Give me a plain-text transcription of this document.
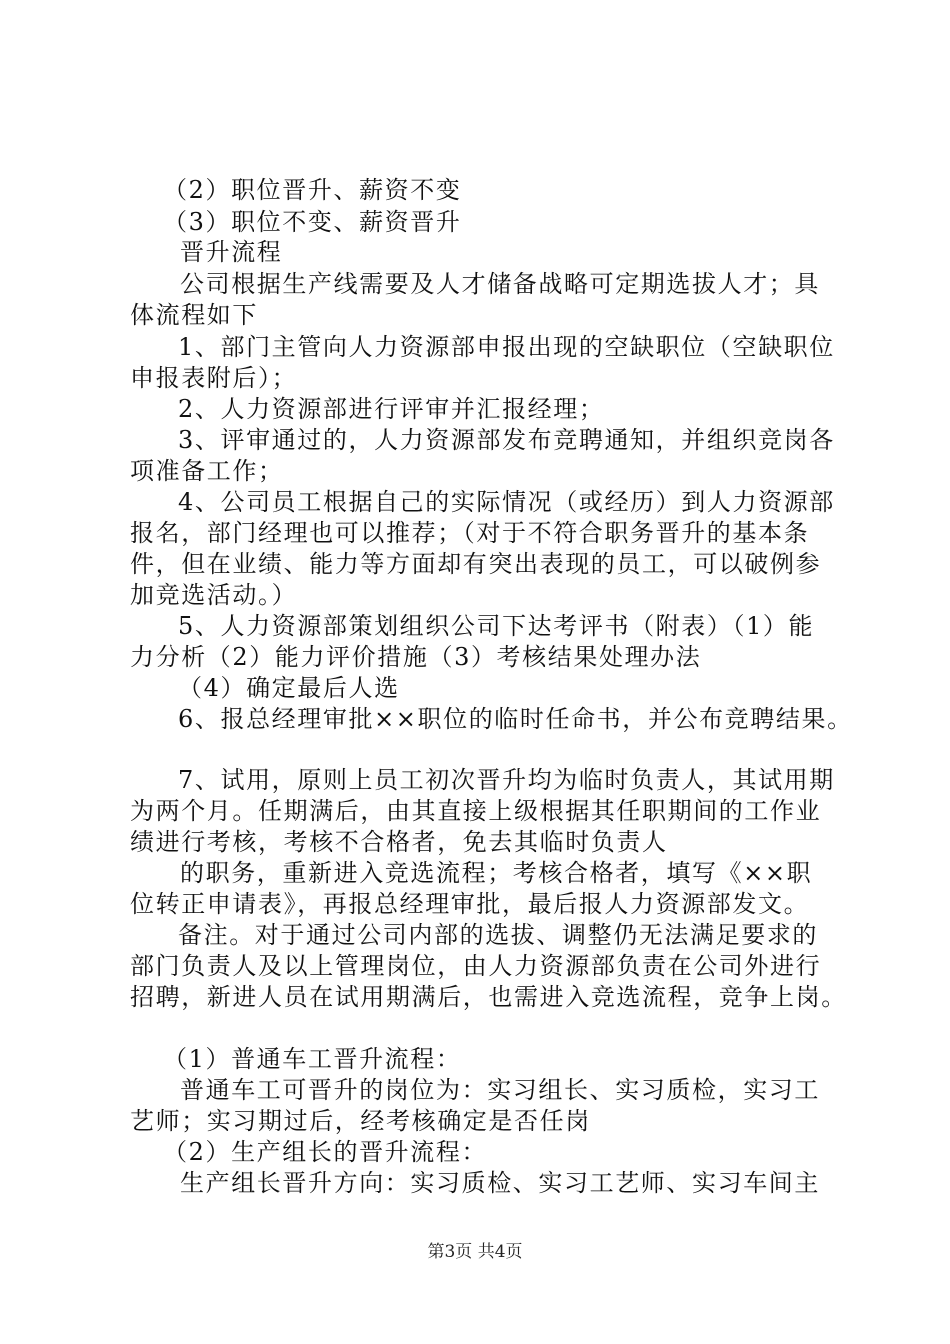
（2）职位晋升、薪资不变
（3）职位不变、薪资晋升
晋升流程
公司根据生产线需要及人才储备战略可定期选拔人才；具
体流程如下
1、部门主管向人力资源部申报出现的空缺职位（空缺职位
申报表附后）；
2、人力资源部进行评审并汇报经理；
3、评审通过的，人力资源部发布竞聘通知，并组织竞岗各
项准备工作；
4、公司员工根据自己的实际情况（或经历）到人力资源部
报名，部门经理也可以推荐；（对于不符合职务晋升的基本条
件，但在业绩、能力等方面却有突出表现的员工，可以破例参
加竞选活动。）
5、人力资源部策划组织公司下达考评书（附表）（1）能
力分析（2）能力评价措施（3）考核结果处理办法
（4）确定最后人选
6、报总经理审批××职位的临时任命书，并公布竞聘结果。
7、试用，原则上员工初次晋升均为临时负责人，其试用期
为两个月。任期满后，由其直接上级根据其任职期间的工作业
绩进行考核，考核不合格者，免去其临时负责人
的职务，重新进入竞选流程；考核合格者，填写《××职
位转正申请表》，再报总经理审批，最后报人力资源部发文。
备注。对于通过公司内部的选拔、调整仍无法满足要求的
部门负责人及以上管理岗位，由人力资源部负责在公司外进行
招聘，新进人员在试用期满后，也需进入竞选流程，竞争上岗。
（1）普通车工晋升流程：
普通车工可晋升的岗位为：实习组长、实习质检，实习工
艺师；实习期过后，经考核确定是否任岗
（2）生产组长的晋升流程：
生产组长晋升方向：实习质检、实习工艺师、实习车间主
第3页 共4页
